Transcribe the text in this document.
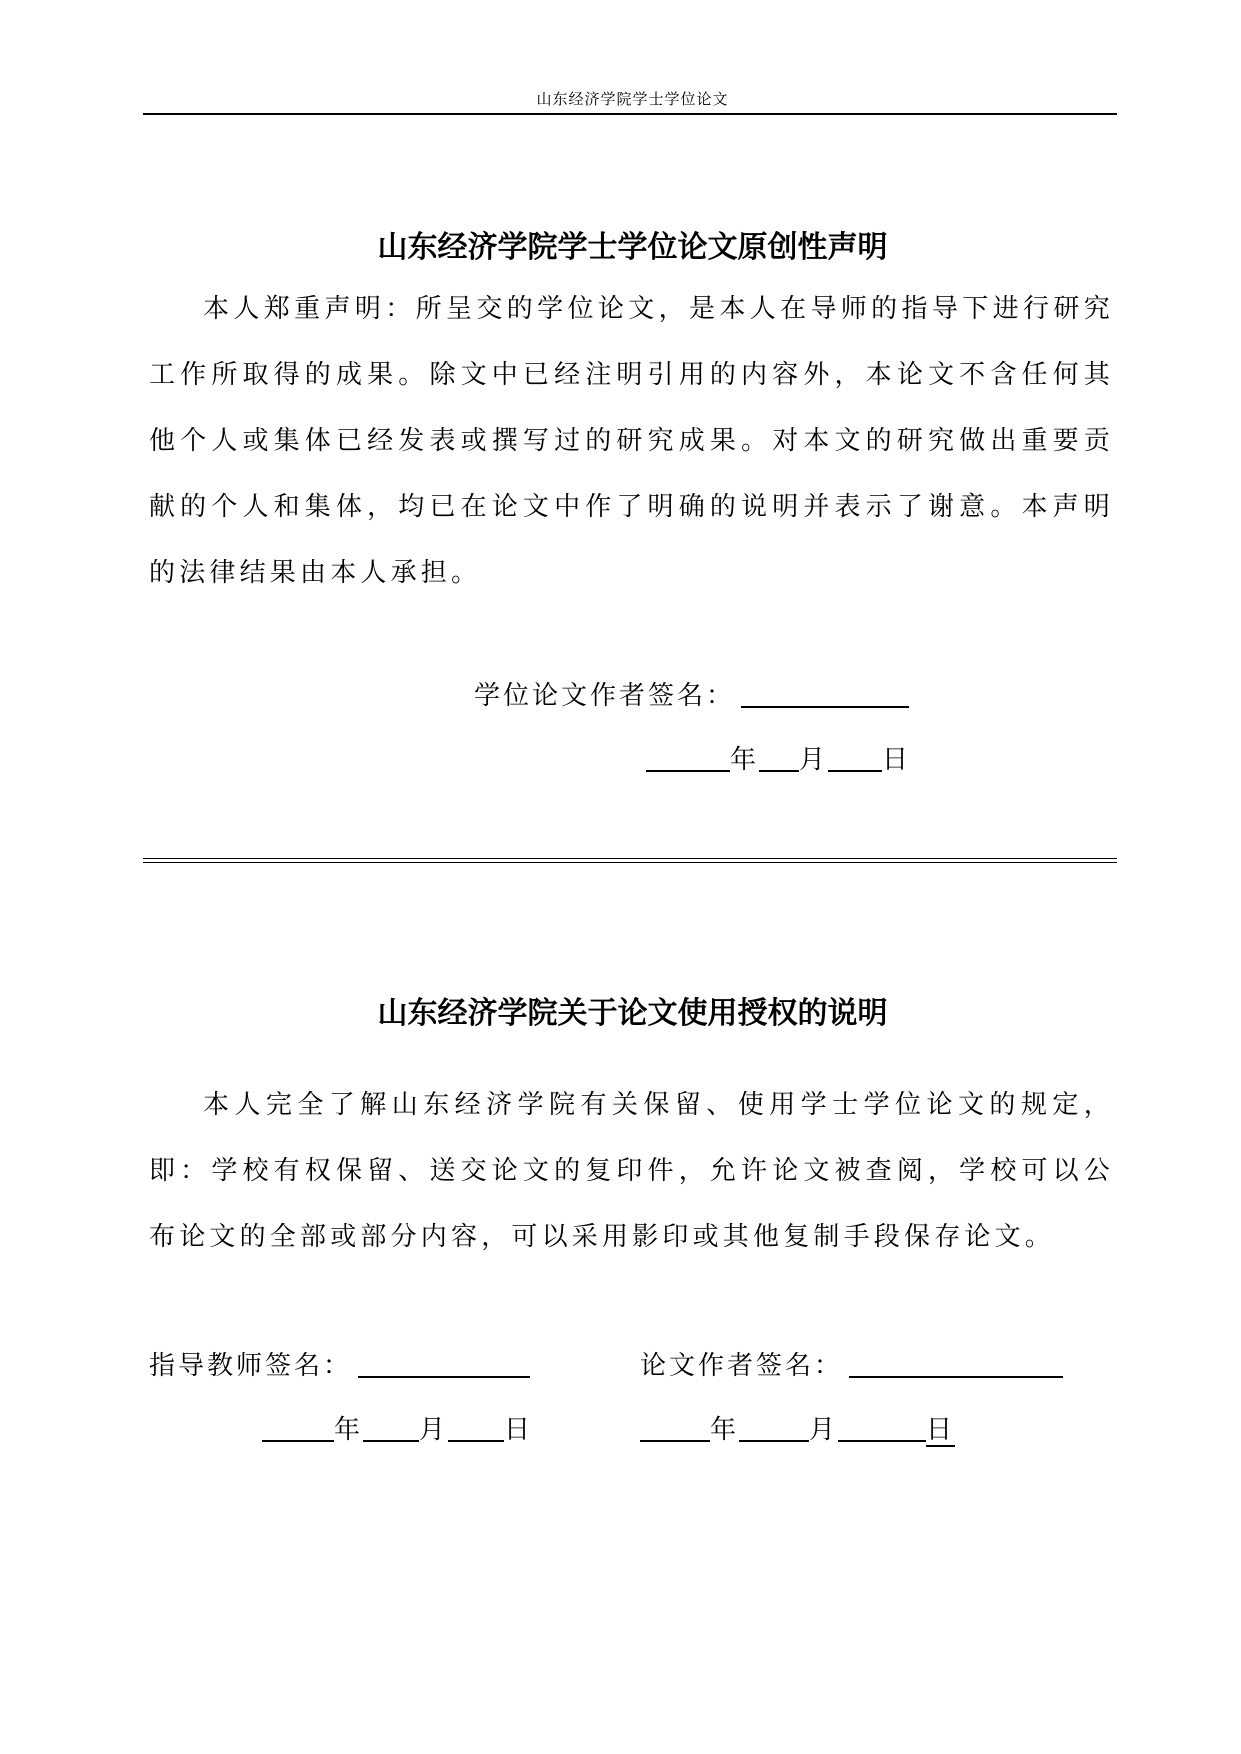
山东经济学院学士学位论文
山东经济学院学士学位论文原创性声明

本人郑重声明：所呈交的学位论文，是本人在导师的指导下进行研究工作所取得的成果。除文中已经注明引用的内容外，本论文不含任何其他个人或集体已经发表或撰写过的研究成果。对本文的研究做出重要贡献的个人和集体，均已在论文中作了明确的说明并表示了谢意。本声明的法律结果由本人承担。

学位论文作者签名：
年 月 日
山东经济学院关于论文使用授权的说明

本人完全了解山东经济学院有关保留、使用学士学位论文的规定，即：学校有权保留、送交论文的复印件，允许论文被查阅，学校可以公布论文的全部或部分内容，可以采用影印或其他复制手段保存论文。

指导教师签名：	论文作者签名：
年 月 日	年	月	日
